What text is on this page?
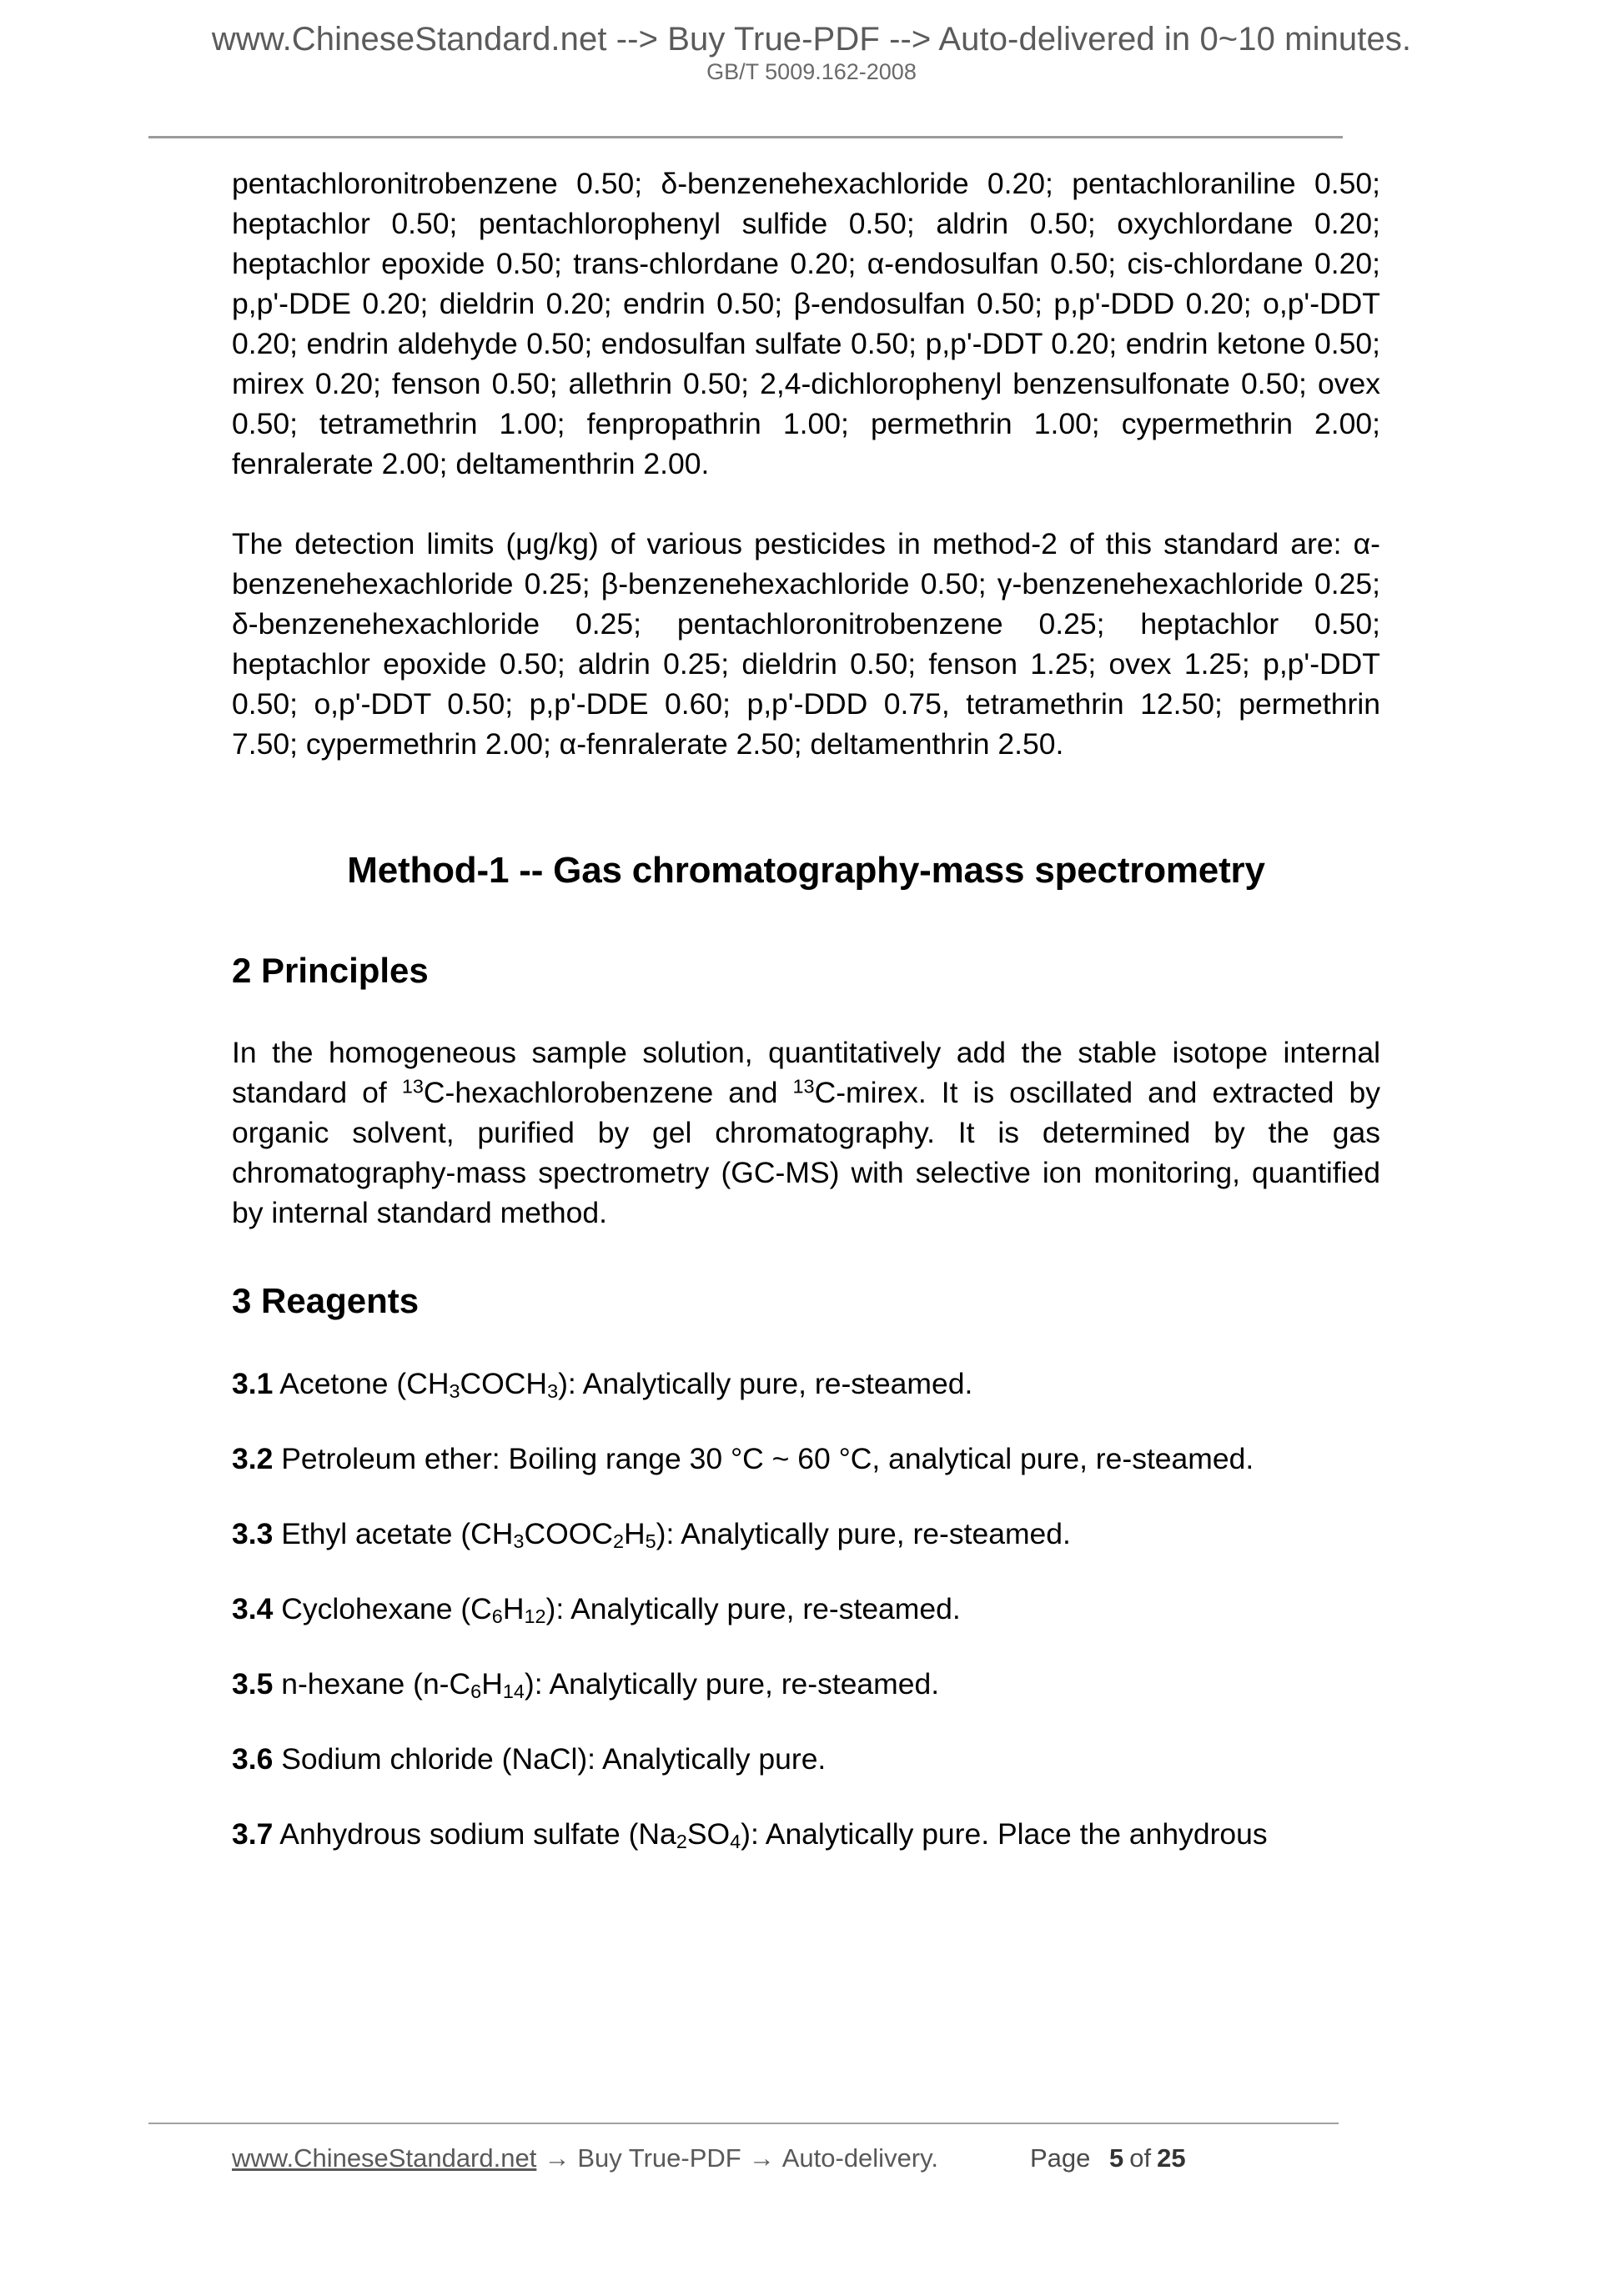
www.ChineseStandard.net --> Buy True-PDF --> Auto-delivered in 0~10 minutes.
GB/T 5009.162-2008

pentachloronitrobenzene 0.50; δ-benzenehexachloride 0.20; pentachloraniline 0.50; heptachlor 0.50; pentachlorophenyl sulfide 0.50; aldrin 0.50; oxychlordane 0.20; heptachlor epoxide 0.50; trans-chlordane 0.20; α-endosulfan 0.50; cis-chlordane 0.20; p,p'-DDE 0.20; dieldrin 0.20; endrin 0.50; β-endosulfan 0.50; p,p'-DDD 0.20; o,p'-DDT 0.20; endrin aldehyde 0.50; endosulfan sulfate 0.50; p,p'-DDT 0.20; endrin ketone 0.50; mirex 0.20; fenson 0.50; allethrin 0.50; 2,4-dichlorophenyl benzensulfonate 0.50; ovex 0.50; tetramethrin 1.00; fenpropathrin 1.00; permethrin 1.00; cypermethrin 2.00; fenralerate 2.00; deltamenthrin 2.00.

The detection limits (μg/kg) of various pesticides in method-2 of this standard are: α-benzenehexachloride 0.25; β-benzenehexachloride 0.50; γ-benzenehexachloride 0.25; δ-benzenehexachloride 0.25; pentachloronitrobenzene 0.25; heptachlor 0.50; heptachlor epoxide 0.50; aldrin 0.25; dieldrin 0.50; fenson 1.25; ovex 1.25; p,p'-DDT 0.50; o,p'-DDT 0.50; p,p'-DDE 0.60; p,p'-DDD 0.75, tetramethrin 12.50; permethrin 7.50; cypermethrin 2.00; α-fenralerate 2.50; deltamenthrin 2.50.

Method-1 -- Gas chromatography-mass spectrometry
2 Principles

In the homogeneous sample solution, quantitatively add the stable isotope internal standard of $^{13}$C-hexachlorobenzene and $^{13}$C-mirex. It is oscillated and extracted by organic solvent, purified by gel chromatography. It is determined by the gas chromatography-mass spectrometry (GC-MS) with selective ion monitoring, quantified by internal standard method.

3 Reagents

3.1 Acetone $(CH_3COCH_3)$: Analytically pure, re-steamed.

3.2 Petroleum ether: Boiling range 30 °C ~ 60 °C, analytical pure, re-steamed.

3.3 Ethyl acetate $(CH_3COOC_2H_5)$: Analytically pure, re-steamed.

3.4 Cyclohexane $(C_6H_{12})$: Analytically pure, re-steamed.

3.5 n-hexane $(n-C_6H_{14})$: Analytically pure, re-steamed.

3.6 Sodium chloride (NaCl): Analytically pure.

3.7 Anhydrous sodium sulfate $(Na_2SO_4)$: Analytically pure. Place the anhydrous

www.ChineseStandard.net → Buy True-PDF → Auto-delivery.	Page 5 of 25
